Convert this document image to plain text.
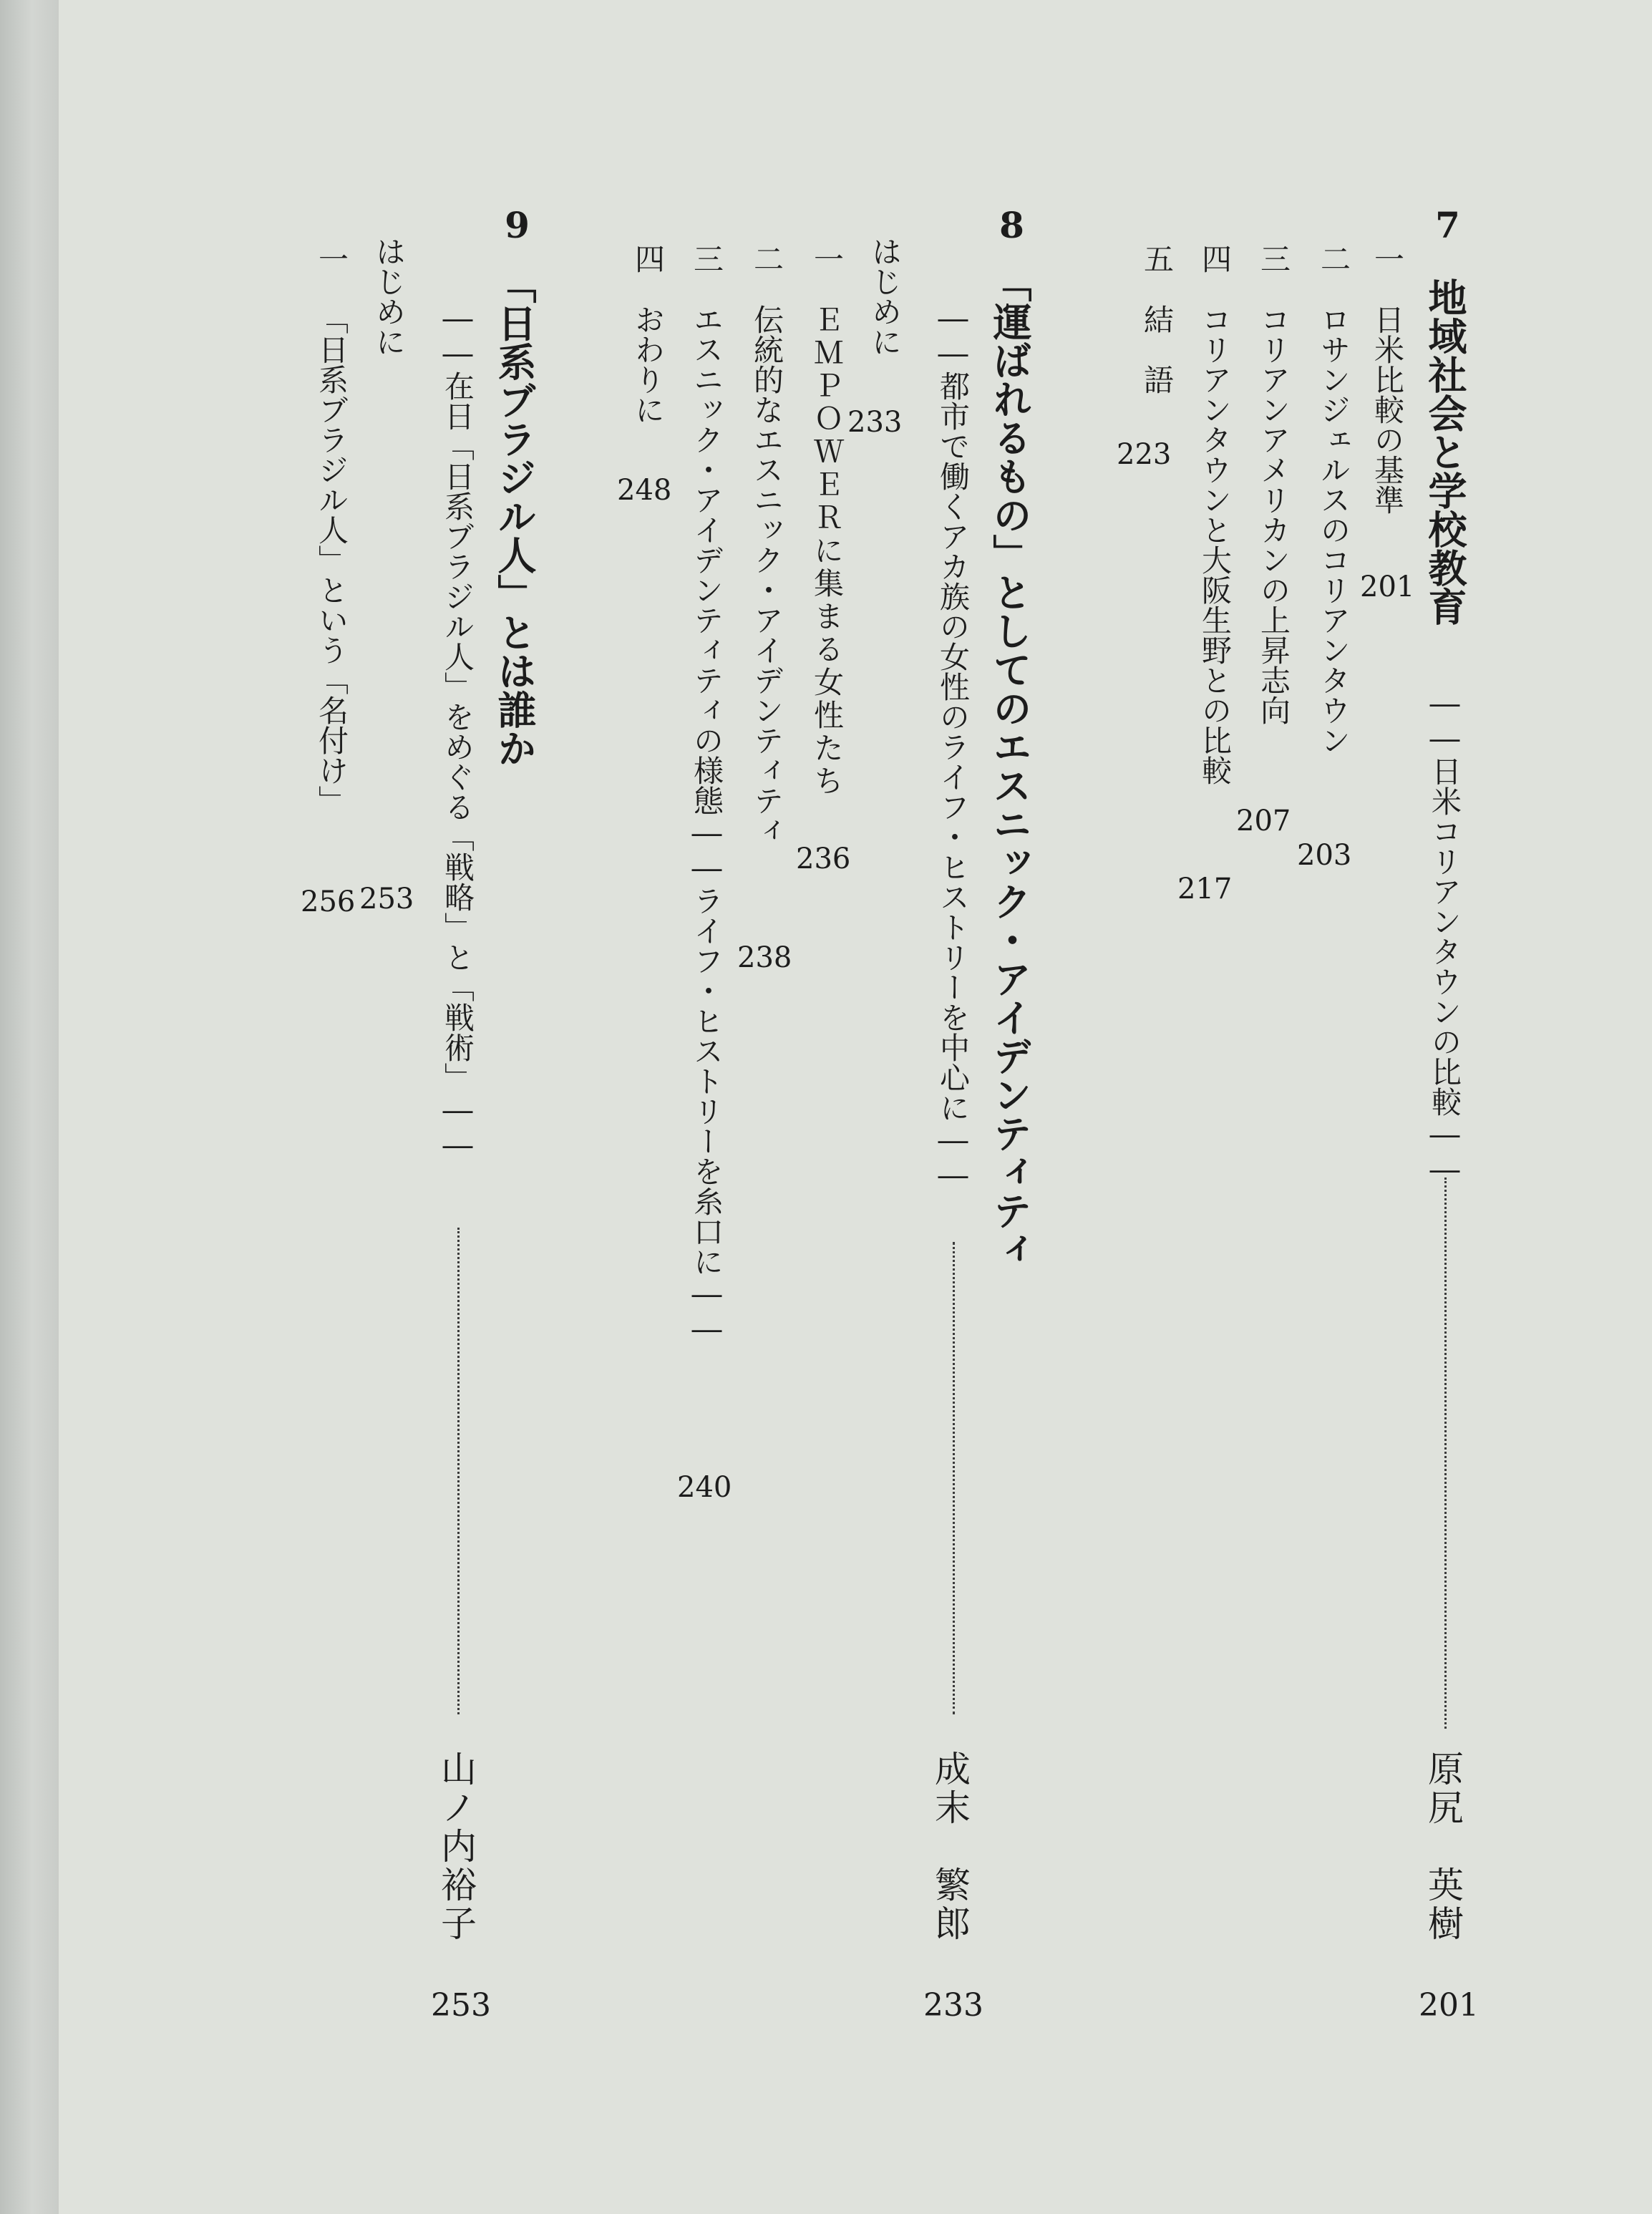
7
地域社会と学校教育
――日米コリアンタウンの比較――
原尻　英樹
201
一
日米比較の基準
201
二
ロサンジェルスのコリアンタウン
203
三
コリアンアメリカンの上昇志向
207
四
コリアンタウンと大阪生野との比較
217
五
結　語
223
8
「運ばれるもの」としてのエスニック・アイデンティティ
――都市で働くアカ族の女性のライフ・ヒストリーを中心に――
成末　繁郎
233
はじめに
233
一
ＥＭＰＯＷＥＲに集まる女性たち
236
二
伝統的なエスニック・アイデンティティ
238
三
エスニック・アイデンティティの様態――ライフ・ヒストリーを糸口に――
240
四
おわりに
248
9
「日系ブラジル人」とは誰か
――在日「日系ブラジル人」をめぐる「戦略」と「戦術」――
山ノ内裕子
253
はじめに
253
一
「日系ブラジル人」という「名付け」
256
